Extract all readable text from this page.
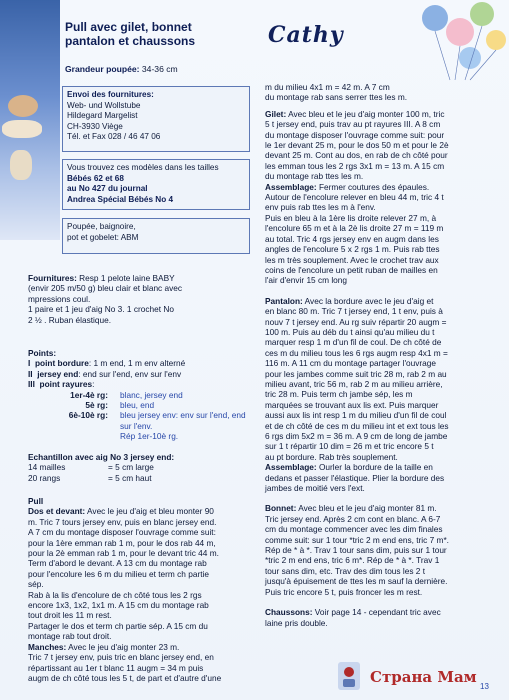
Pull avec gilet, bonnet
pantalon et chaussons
Grandeur poupée: 34-36 cm
Envoi des fournitures:
Web- und Wollstube
Hildegard Margelist
CH-3930 Viège
Tél. et Fax 028 / 46 47 06
Vous trouvez ces modèles dans les tailles
Bébés 62 et 68
au No 427 du journal
Andrea Spécial Bébés No 4
Poupée, baignoire,
pot et gobelet: ABM
Fournitures: Resp 1 pelote laine BABY
(envir 205 m/50 g) bleu clair et blanc avec
mpressions coul.
1 paire et 1 jeu d'aig No 3. 1 crochet No
2 ½ . Ruban élastique.
Points:
I point bordure: 1 m end, 1 m env alterné
II jersey end: end sur l'end, env sur l'env
III point rayures:
1er-4è rg:	blanc, jersey end
5è rg:	bleu, end
6è-10è rg:	bleu jersey env: env sur l'end, end sur l'env.
Rép 1er-10è rg.
Echantillon avec aig No 3 jersey end:
14 mailles	= 5 cm large
20 rangs	= 5 cm haut
Pull
Dos et devant: Avec le jeu d'aig et bleu monter 90
m. Tric 7 tours jersey env, puis en blanc jersey end.
A 7 cm du montage disposer l'ouvrage comme suit:
pour la 1ère emman rab 1 m, pour le dos rab 44 m,
pour la 2è emman rab 1 m, pour le devant tric 44 m.
Term d'abord le devant. A 13 cm du montage rab
pour l'encolure les 6 m du milieu et term ch partie
sép.
Rab à la lis d'encolure de ch côté tous les 2 rgs
encore 1x3, 1x2, 1x1 m. A 15 cm du montage rab
tout droit les 11 m rest.
Partager le dos et term ch partie sép. A 15 cm du
montage rab tout droit.
Manches: Avec le jeu d'aig monter 23 m.
Tric 7 t jersey env, puis tric en blanc jersey end, en
répartissant au 1er t blanc 11 augm = 34 m puis
augm de ch côté tous les 5 t, de part et d'autre d'une
Cathy
m du milieu 4x1 m = 42 m. A 7 cm
du montage rab sans serrer ttes les m.
Gilet: Avec bleu et le jeu d'aig monter 100 m, tric
5 t jersey end, puis trav au pt rayures III. A 8 cm
du montage disposer l'ouvrage comme suit: pour
le 1er devant 25 m, pour le dos 50 m et pour le 2è
devant 25 m. Cont au dos, en rab de ch côté pour
les emman tous les 2 rgs 3x1 m = 13 m. A 15 cm
du montage rab ttes les m.
Assemblage: Fermer coutures des épaules.
Autour de l'encolure relever en bleu 44 m, tric 4 t
env puis rab ttes les m à l'env.
Puis en bleu à la 1ère lis droite relever 27 m, à
l'encolure 65 m et à la 2è lis droite 27 m = 119 m
au total. Tric 4 rgs jersey env en augm dans les
angles de l'encolure 5 x 2 rgs 1 m. Puis rab ttes
les m très souplement. Avec le crochet trav aux
coins de l'encolure un petit ruban de mailles en
l'air d'envir 15 cm long
Pantalon: Avec la bordure avec le jeu d'aig et
en blanc 80 m. Tric 7 t jersey end, 1 t env, puis à
nouv 7 t jersey end. Au rg suiv répartir 20 augm =
100 m. Puis au déb du t ainsi qu'au milieu du t
marquer resp 1 m d'un fil de coul. De ch côté de
ces m du milieu tous les 6 rgs augm resp 4x1 m =
116 m. A 11 cm du montage partager l'ouvrage
pour les jambes comme suit tric 28 m, rab 2 m au
milieu avant, tric 56 m, rab 2 m au milieu arrière,
tric 28 m. Puis term ch jambe sép, les m
marquées se trouvant aux lis ext. Puis marquer
aussi aux lis int resp 1 m du milieu d'un fil de coul
et de ch côté de ces m du milieu int et ext tous les
6 rgs dim 5x2 m = 36 m. A 9 cm de long de jambe
sur 1 t répartir 10 dim = 26 m et tric encore 5 t
au pt bordure. Rab très souplement.
Assemblage: Ourler la bordure de la taille en
dedans et passer l'élastique. Plier la bordure des
jambes de moitié vers l'ext.
Bonnet: Avec bleu et le jeu d'aig monter 81 m.
Tric jersey end. Après 2 cm cont en blanc. A 6-7
cm du montage commencer avec les dim finales
comme suit: sur 1 tour *tric 2 m end ens, tric 7 m*.
Rép de * à *. Trav 1 tour sans dim, puis sur 1 tour
*tric 2 m end ens, tric 6 m*. Rép de * à *. Trav 1
tour sans dim, etc. Trav des dim tous les 2 t
jusqu'à épuisement de ttes les m sauf la dernière.
Puis tric encore 5 t, puis froncer les m rest.
Chaussons: Voir page 14 - cependant tric avec
laine pris double.
Страна Мам
13
